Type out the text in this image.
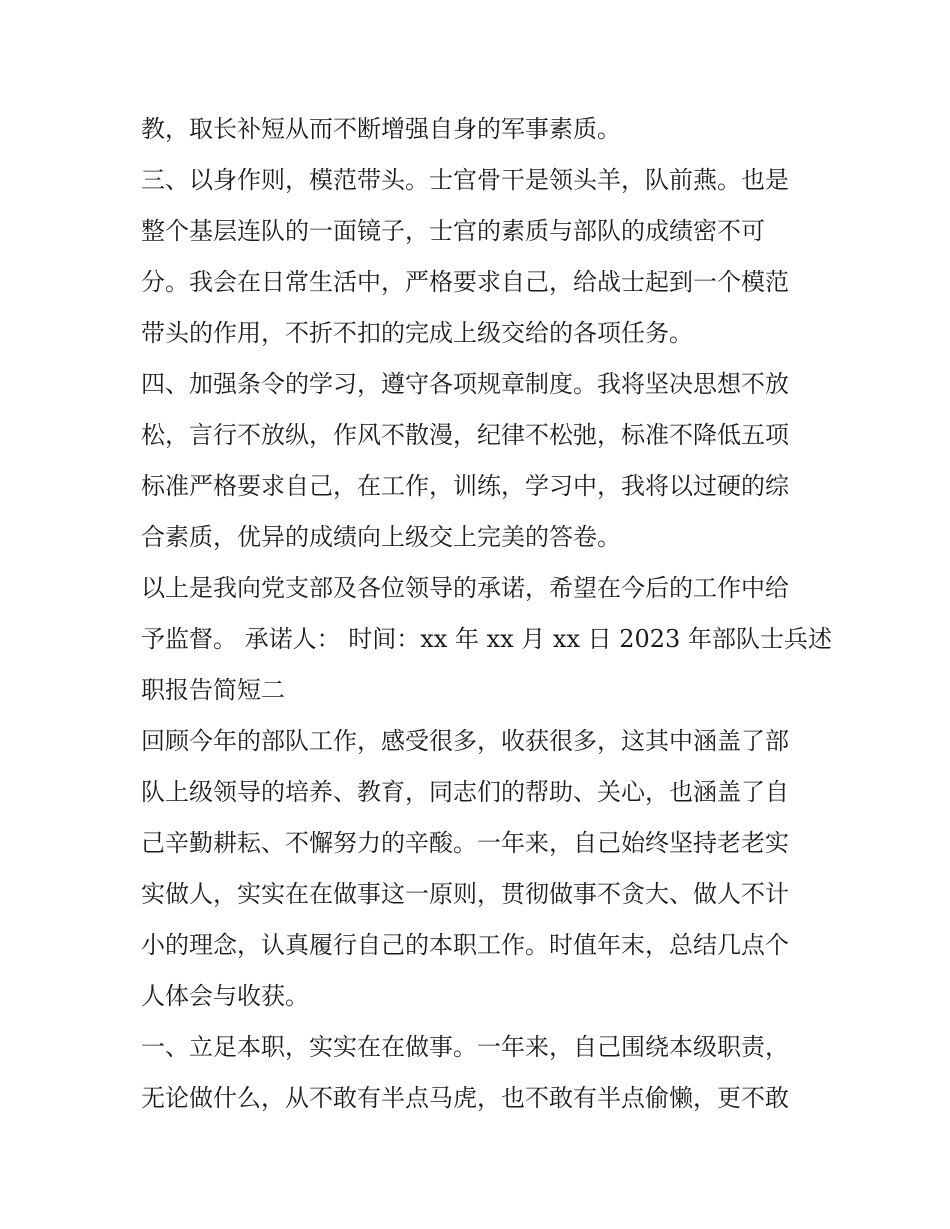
教，取长补短从而不断增强自身的军事素质。

三、以身作则，模范带头。士官骨干是领头羊，队前燕。也是

整个基层连队的一面镜子，士官的素质与部队的成绩密不可

分。我会在日常生活中，严格要求自己，给战士起到一个模范

带头的作用，不折不扣的完成上级交给的各项任务。

四、加强条令的学习，遵守各项规章制度。我将坚决思想不放

松，言行不放纵，作风不散漫，纪律不松弛，标准不降低五项

标准严格要求自己，在工作，训练，学习中，我将以过硬的综

合素质，优异的成绩向上级交上完美的答卷。

以上是我向党支部及各位领导的承诺，希望在今后的工作中给

予监督。 承诺人： 时间：xx 年 xx 月 xx 日 2023 年部队士兵述

职报告简短二

回顾今年的部队工作，感受很多，收获很多，这其中涵盖了部

队上级领导的培养、教育，同志们的帮助、关心，也涵盖了自

己辛勤耕耘、不懈努力的辛酸。一年来，自己始终坚持老老实

实做人，实实在在做事这一原则，贯彻做事不贪大、做人不计

小的理念，认真履行自己的本职工作。时值年末，总结几点个

人体会与收获。

一、立足本职，实实在在做事。一年来，自己围绕本级职责，

无论做什么，从不敢有半点马虎，也不敢有半点偷懒，更不敢
